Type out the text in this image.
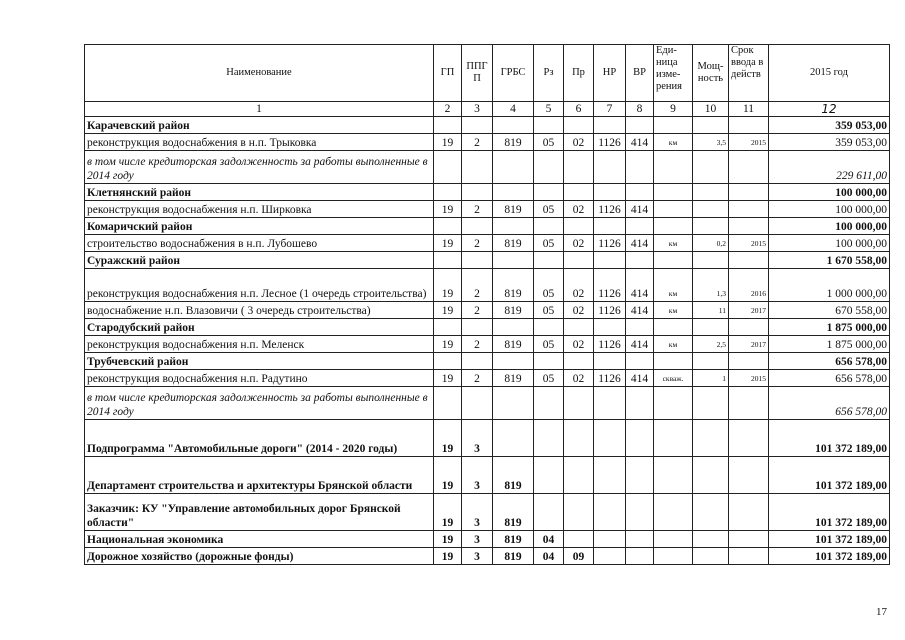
Наименование	ГП	ППГ П	ГРБС	Рз	Пр	НР	ВР	Еди- ница изме- рения	Мощ- ность	Срок ввода в действ	2015 год
1	2	3	4	5	6	7	8	9	10	11	12
Карачевский район											359 053,00
реконструкция водоснабжения в н.п. Трыковка	19	2	819	05	02	1126	414	км	3,5	2015	359 053,00
в том числе кредиторская задолженность за работы выполненные в 2014 году											229 611,00
Клетнянский район											100 000,00
реконструкция водоснабжения н.п. Ширковка	19	2	819	05	02	1126	414				100 000,00
Комаричский район											100 000,00
строительство водоснабжения в н.п. Лубошево	19	2	819	05	02	1126	414	км	0,2	2015	100 000,00
Суражский район											1 670 558,00
реконструкция водоснабжения н.п. Лесное (1 очередь строительства)	19	2	819	05	02	1126	414	км	1,3	2016	1 000 000,00
водоснабжение н.п. Влазовичи ( 3 очередь строительства)	19	2	819	05	02	1126	414	км	11	2017	670 558,00
Стародубский район											1 875 000,00
реконструкция водоснабжения н.п. Меленск	19	2	819	05	02	1126	414	км	2,5	2017	1 875 000,00
Трубчевский район											656 578,00
реконструкция водоснабжения н.п. Радутино	19	2	819	05	02	1126	414	скваж.	1	2015	656 578,00
в том числе кредиторская задолженность за работы выполненные в 2014 году											656 578,00
Подпрограмма "Автомобильные дороги" (2014 - 2020 годы)	19	3									101 372 189,00
Департамент строительства и архитектуры Брянской области	19	3	819								101 372 189,00
Заказчик: КУ "Управление автомобильных дорог Брянской области"	19	3	819								101 372 189,00
Национальная экономика	19	3	819	04							101 372 189,00
Дорожное хозяйство (дорожные фонды)	19	3	819	04	09						101 372 189,00
17
